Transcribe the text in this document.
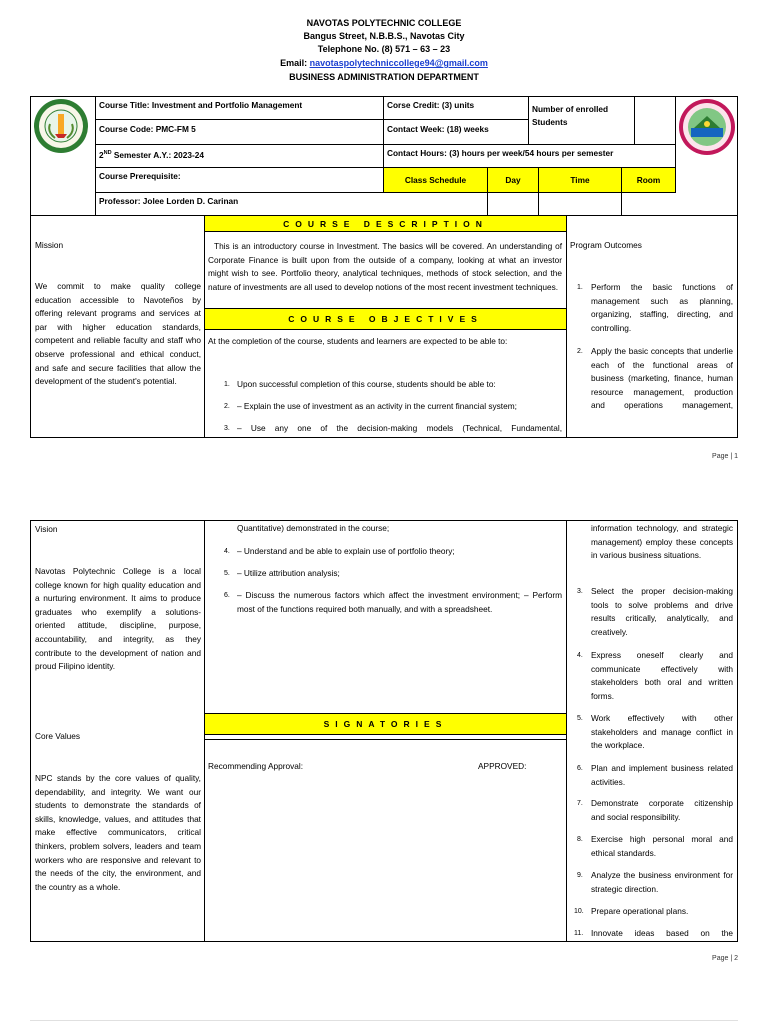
NAVOTAS POLYTECHNIC COLLEGE
Bangus Street, N.B.B.S., Navotas City
Telephone No. (8) 571 – 63 – 23
Email: navotaspolytechniccollege94@gmail.com
BUSINESS ADMINISTRATION DEPARTMENT
Course Title: Investment and Portfolio Management	Corse Credit: (3) units	Number of enrolled Students
Course Code: PMC-FM 5	Contact Week: (18) weeks
2ND Semester A.Y.: 2023-24	Contact Hours: (3) hours per week/54 hours per semester
Course Prerequisite:
Professor: Jolee Lorden D. Carinan
Class Schedule	Day	Time	Room
COURSE DESCRIPTION
Mission
We commit to make quality college education accessible to Navoteños by offering relevant programs and services at par with higher education standards, competent and reliable faculty and staff who observe professional and ethical conduct, and safe and secure facilities that allow the development of the student's potential.
This is an introductory course in Investment. The basics will be covered. An understanding of Corporate Finance is built upon from the outside of a company, looking at what an investor might wish to see. Portfolio theory, analytical techniques, methods of stock selection, and the nature of investments are all used to develop notions of the most recent investment techniques.
COURSE OBJECTIVES
At the completion of the course, students and learners are expected to be able to:
1. Upon successful completion of this course, students should be able to:
2. – Explain the use of investment as an activity in the current financial system;
3. – Use any one of the decision-making models (Technical, Fundamental,
Program Outcomes
1. Perform the basic functions of management such as planning, organizing, staffing, directing, and controlling.
2. Apply the basic concepts that underlie each of the functional areas of business (marketing, finance, human resource management, production and operations management,
Page | 1
Vision
Navotas Polytechnic College is a local college known for high quality education and a nurturing environment. It aims to produce graduates who exemplify a solutions-oriented attitude, discipline, purpose, accountability, and integrity, as they contribute to the development of nation and proud Filipino identity.
Core Values
NPC stands by the core values of quality, dependability, and integrity. We want our students to demonstrate the standards of skills, knowledge, values, and attitudes that make effective communicators, critical thinkers, problem solvers, leaders and team workers who are responsive and relevant to the needs of the city, the environment, and the country as a whole.
Quantitative) demonstrated in the course;
4. – Understand and be able to explain use of portfolio theory;
5. – Utilize attribution analysis;
6. – Discuss the numerous factors which affect the investment environment; – Perform most of the functions required both manually, and with a spreadsheet.
SIGNATORIES
Recommending Approval:	APPROVED:
information technology, and strategic management) employ these concepts in various business situations.
3. Select the proper decision-making tools to solve problems and drive results critically, analytically, and creatively.
4. Express oneself clearly and communicate effectively with stakeholders both oral and written forms.
5. Work effectively with other stakeholders and manage conflict in the workplace.
6. Plan and implement business related activities.
7. Demonstrate corporate citizenship and social responsibility.
8. Exercise high personal moral and ethical standards.
9. Analyze the business environment for strategic direction.
10. Prepare operational plans.
11. Innovate ideas based on the
Page | 2
